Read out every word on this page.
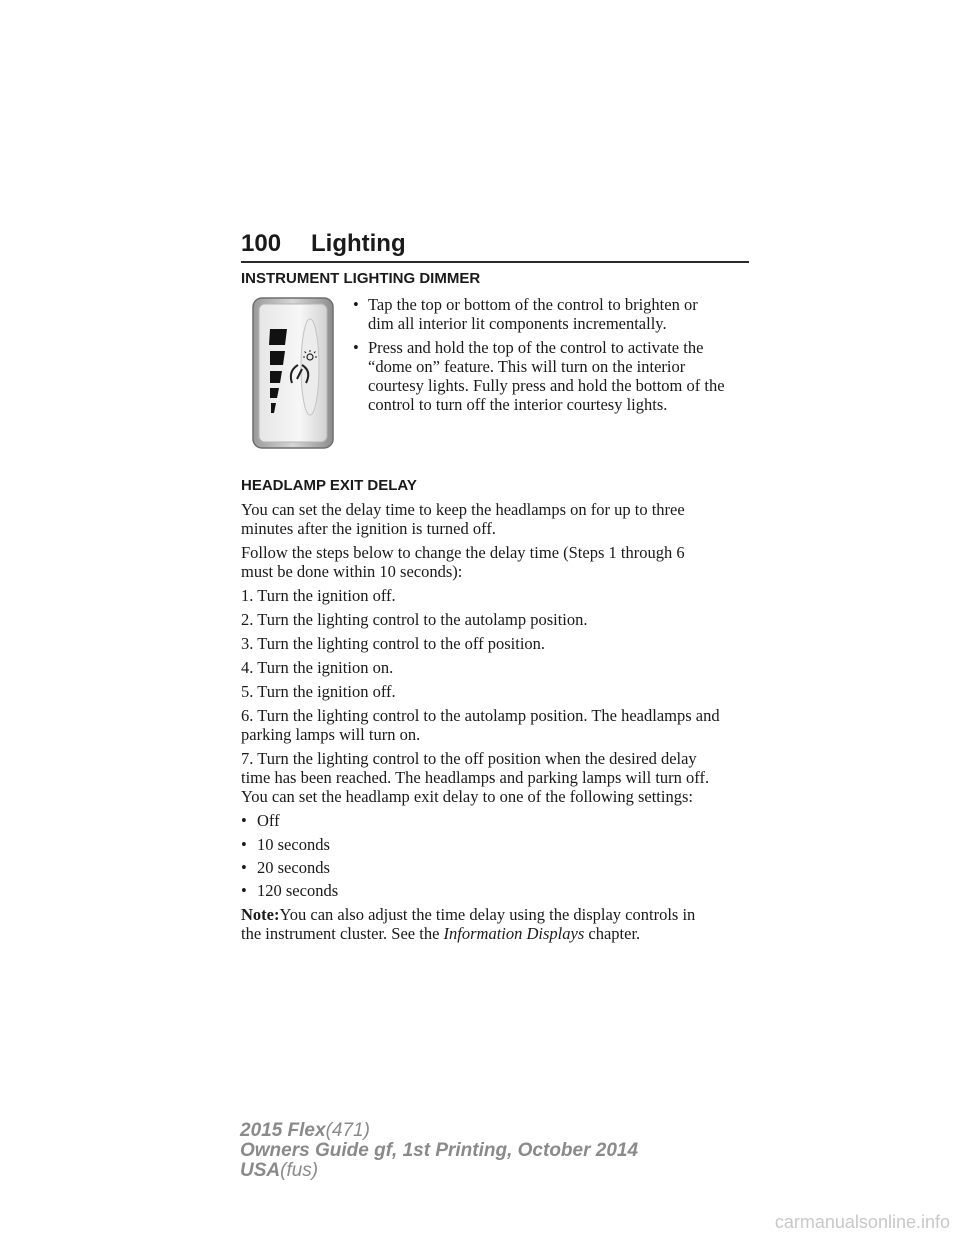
100 Lighting
INSTRUMENT LIGHTING DIMMER
• Tap the top or bottom of the control to brighten or
dim all interior lit components incrementally.
• Press and hold the top of the control to activate the
“dome on” feature. This will turn on the interior
courtesy lights. Fully press and hold the bottom of the
control to turn off the interior courtesy lights.
HEADLAMP EXIT DELAY
You can set the delay time to keep the headlamps on for up to three
minutes after the ignition is turned off.
Follow the steps below to change the delay time (Steps 1 through 6
must be done within 10 seconds):
1. Turn the ignition off.
2. Turn the lighting control to the autolamp position.
3. Turn the lighting control to the off position.
4. Turn the ignition on.
5. Turn the ignition off.
6. Turn the lighting control to the autolamp position. The headlamps and
parking lamps will turn on.
7. Turn the lighting control to the off position when the desired delay
time has been reached. The headlamps and parking lamps will turn off.
You can set the headlamp exit delay to one of the following settings:
• Off
• 10 seconds
• 20 seconds
• 120 seconds
Note:You can also adjust the time delay using the display controls in
the instrument cluster. See the Information Displays chapter.
2015 Flex(471)
Owners Guide gf, 1st Printing, October 2014
USA(fus)
carmanualsonline.info
